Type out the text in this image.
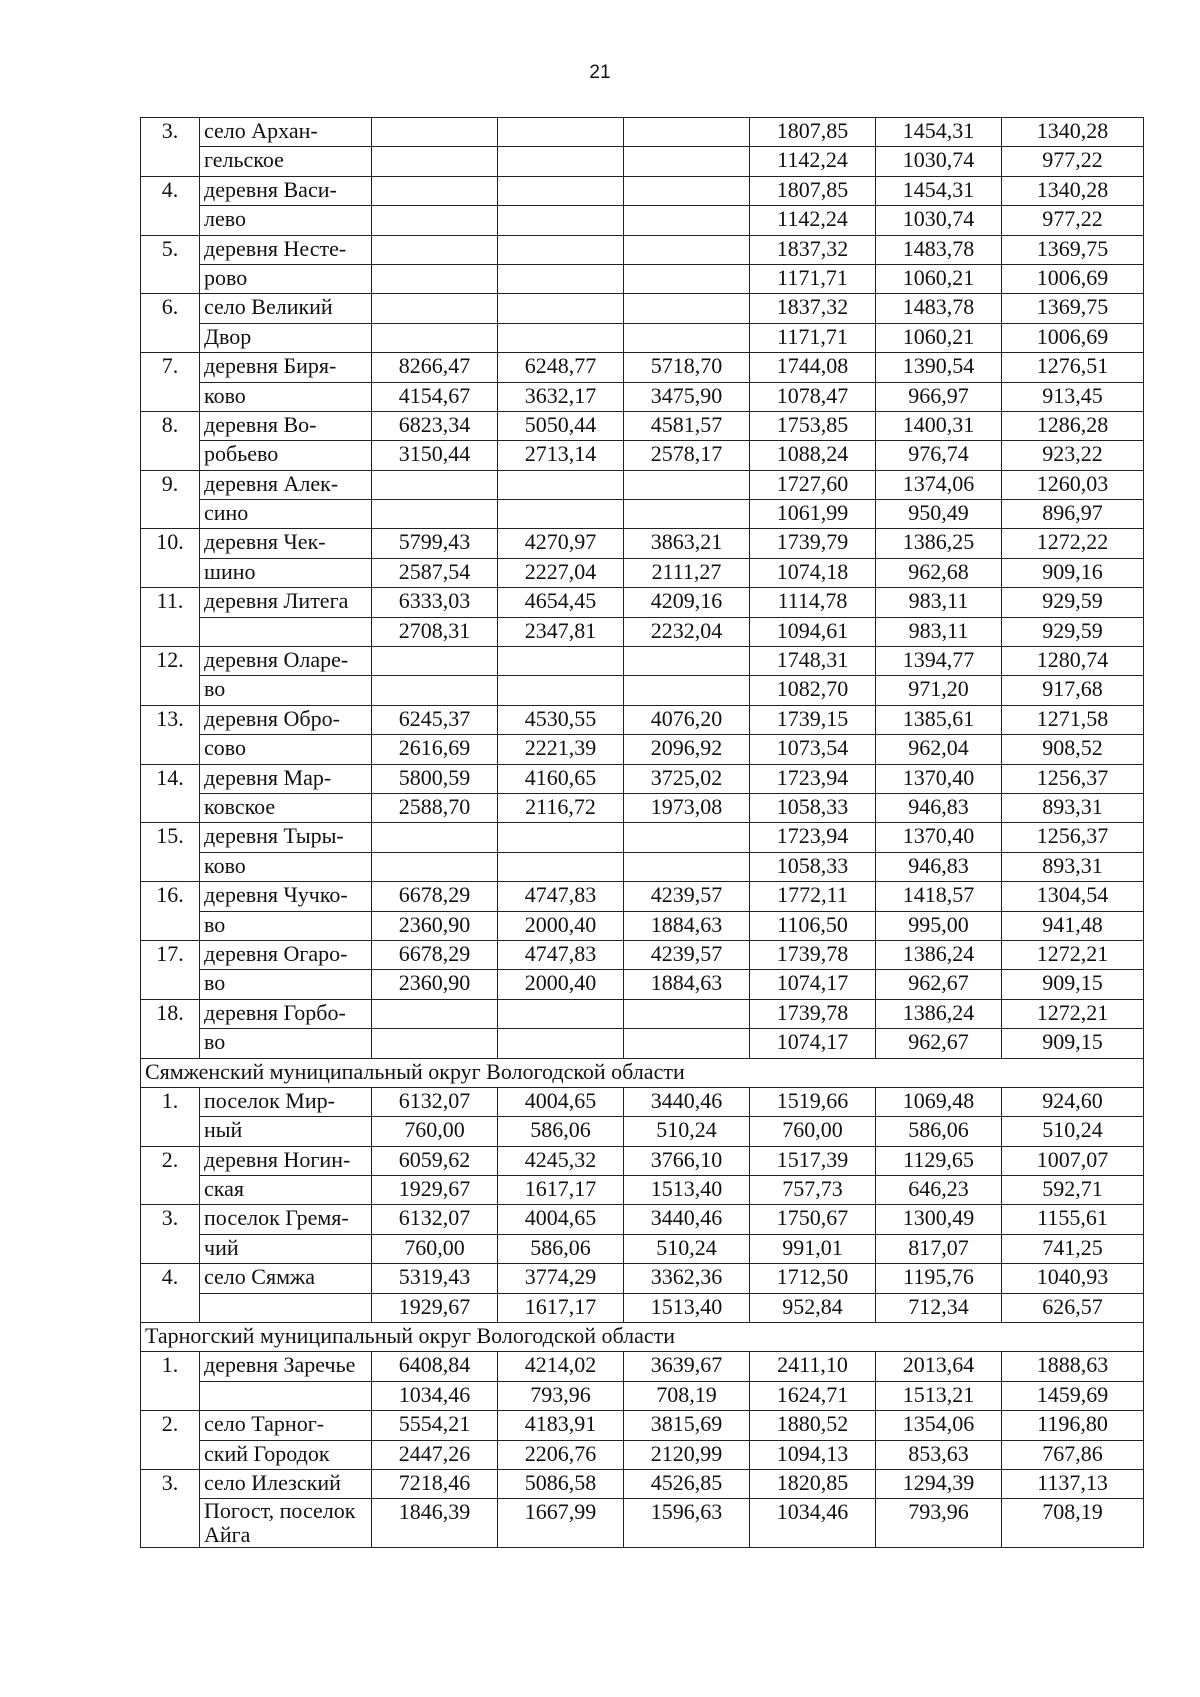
21
3.	село Архан-				1807,85	1454,31	1340,28
	гельское				1142,24	1030,74	977,22
4.	деревня Васи-				1807,85	1454,31	1340,28
	лево				1142,24	1030,74	977,22
5.	деревня Несте-				1837,32	1483,78	1369,75
	рово				1171,71	1060,21	1006,69
6.	село Великий				1837,32	1483,78	1369,75
	Двор				1171,71	1060,21	1006,69
7.	деревня Биря-	8266,47	6248,77	5718,70	1744,08	1390,54	1276,51
	ково	4154,67	3632,17	3475,90	1078,47	966,97	913,45
8.	деревня Во-	6823,34	5050,44	4581,57	1753,85	1400,31	1286,28
	робьево	3150,44	2713,14	2578,17	1088,24	976,74	923,22
9.	деревня Алек-				1727,60	1374,06	1260,03
	сино				1061,99	950,49	896,97
10.	деревня Чек-	5799,43	4270,97	3863,21	1739,79	1386,25	1272,22
	шино	2587,54	2227,04	2111,27	1074,18	962,68	909,16
11.	деревня Литега	6333,03	4654,45	4209,16	1114,78	983,11	929,59
		2708,31	2347,81	2232,04	1094,61	983,11	929,59
12.	деревня Оларе-				1748,31	1394,77	1280,74
	во				1082,70	971,20	917,68
13.	деревня Обро-	6245,37	4530,55	4076,20	1739,15	1385,61	1271,58
	сово	2616,69	2221,39	2096,92	1073,54	962,04	908,52
14.	деревня Мар-	5800,59	4160,65	3725,02	1723,94	1370,40	1256,37
	ковское	2588,70	2116,72	1973,08	1058,33	946,83	893,31
15.	деревня Тыры-				1723,94	1370,40	1256,37
	ково				1058,33	946,83	893,31
16.	деревня Чучко-	6678,29	4747,83	4239,57	1772,11	1418,57	1304,54
	во	2360,90	2000,40	1884,63	1106,50	995,00	941,48
17.	деревня Огаро-	6678,29	4747,83	4239,57	1739,78	1386,24	1272,21
	во	2360,90	2000,40	1884,63	1074,17	962,67	909,15
18.	деревня Горбо-				1739,78	1386,24	1272,21
	во				1074,17	962,67	909,15
Сямженский муниципальный округ Вологодской области							
1.	поселок Мир-	6132,07	4004,65	3440,46	1519,66	1069,48	924,60
	ный	760,00	586,06	510,24	760,00	586,06	510,24
2.	деревня Ногин-	6059,62	4245,32	3766,10	1517,39	1129,65	1007,07
	ская	1929,67	1617,17	1513,40	757,73	646,23	592,71
3.	поселок Гремя-	6132,07	4004,65	3440,46	1750,67	1300,49	1155,61
	чий	760,00	586,06	510,24	991,01	817,07	741,25
4.	село Сямжа	5319,43	3774,29	3362,36	1712,50	1195,76	1040,93
		1929,67	1617,17	1513,40	952,84	712,34	626,57
Тарногский муниципальный округ Вологодской области							
1.	деревня Заречье	6408,84	4214,02	3639,67	2411,10	2013,64	1888,63
		1034,46	793,96	708,19	1624,71	1513,21	1459,69
2.	село Тарног-	5554,21	4183,91	3815,69	1880,52	1354,06	1196,80
	ский Городок	2447,26	2206,76	2120,99	1094,13	853,63	767,86
3.	село Илезский	7218,46	5086,58	4526,85	1820,85	1294,39	1137,13
	Погост, поселок Айга	1846,39	1667,99	1596,63	1034,46	793,96	708,19
